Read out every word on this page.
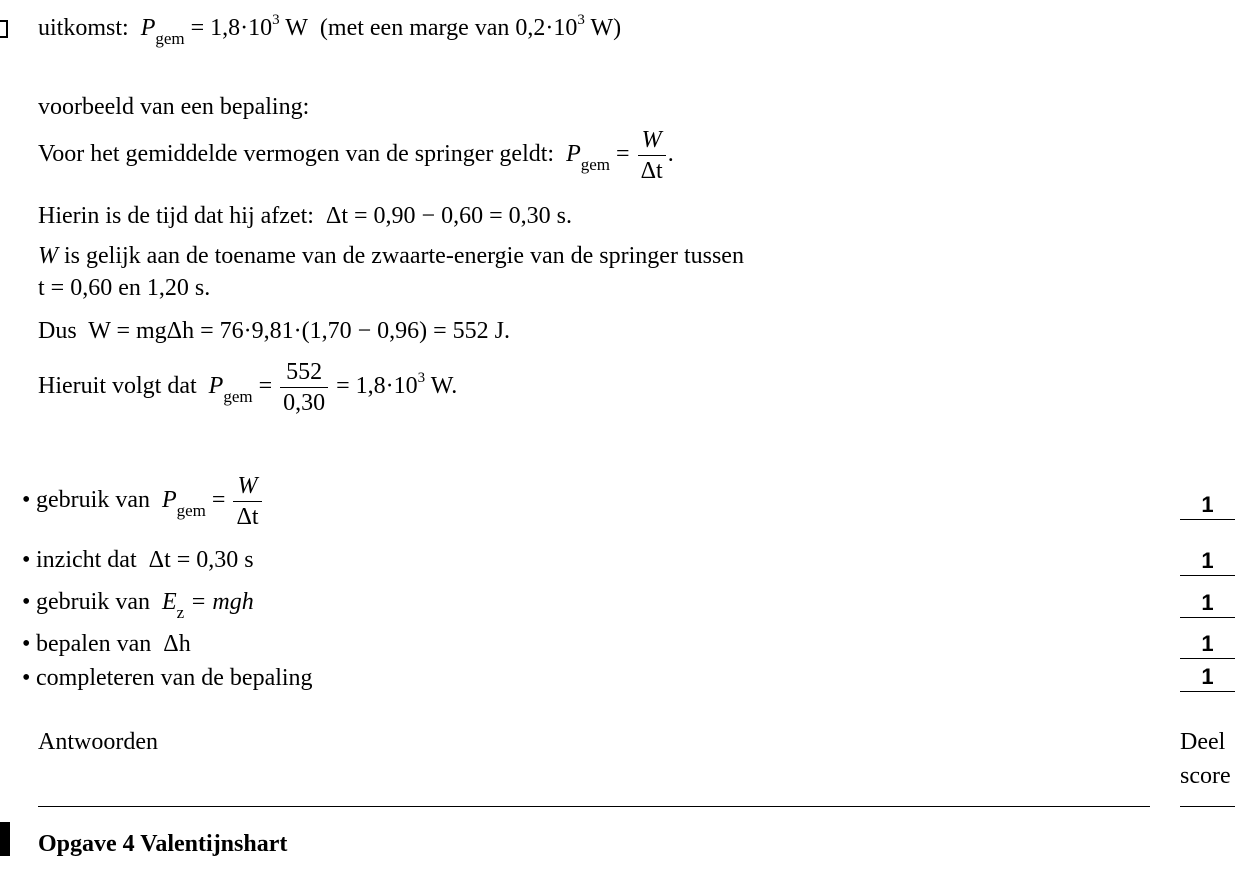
uitkomst: $P_{gem} = 1,8\cdot 10^3$ W (met een marge van $0,2\cdot 10^3$ W)
voorbeeld van een bepaling:
Voor het gemiddelde vermogen van de springer geldt: $P_{gem} = \frac{W}{\Delta t}$ .
Hierin is de tijd dat hij afzet: Δt = 0,90 − 0,60 = 0,30 s.
W is gelijk aan de toename van de zwaarte-energie van de springer tussen
t = 0,60 en 1,20 s.
Dus W = mgΔh = 76·9,81·(1,70 − 0,96) = 552 J.
Hieruit volgt dat $P_{gem} = \frac{552}{0,30} = 1,8\cdot 10^3$ W.
• gebruik van $P_{gem} = \frac{W}{\Delta t}$	1
• inzicht dat Δt = 0,30 s	1
• gebruik van $E_z$ = mgh	1
• bepalen van Δh	1
• completeren van de bepaling	1
Antwoorden	Deel
score
Opgave 4 Valentijnshart
